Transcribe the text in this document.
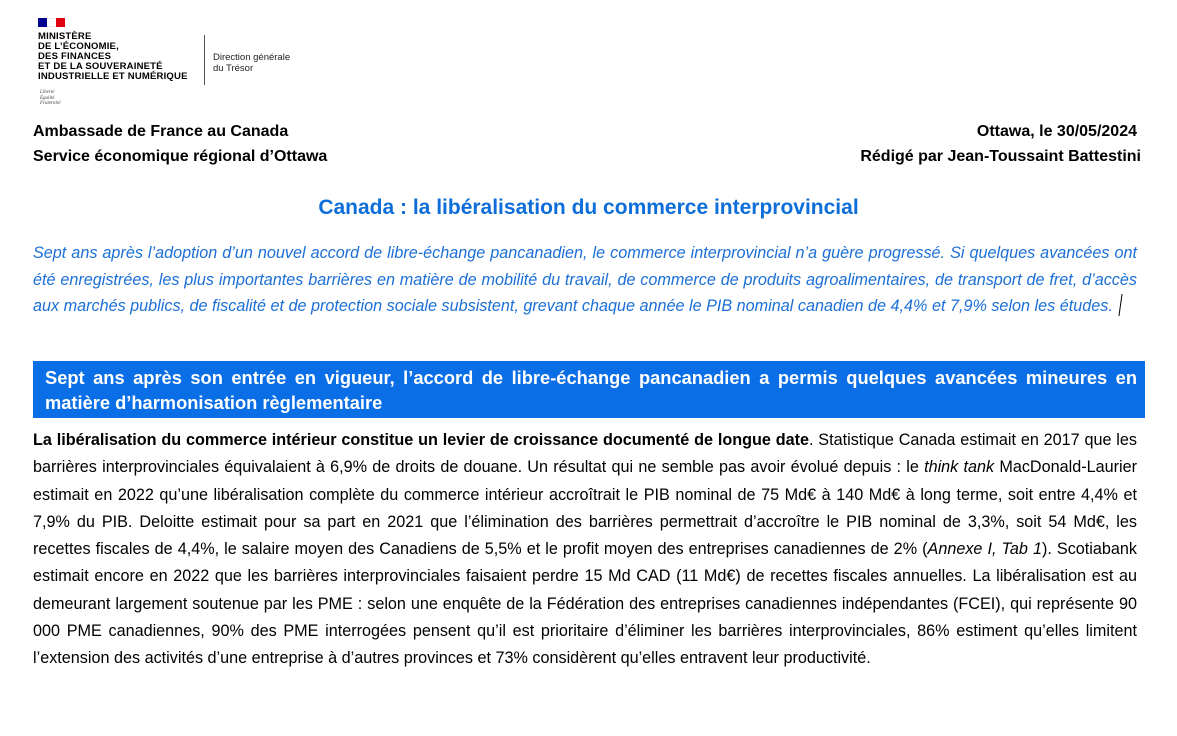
MINISTÈRE
DE L’ÉCONOMIE,
DES FINANCES
ET DE LA SOUVERAINETÉ
INDUSTRIELLE ET NUMÉRIQUE
Liberté
Égalité
Fraternité
Direction générale
du Trésor
Ambassade de France au Canada
Service économique régional d’Ottawa
Ottawa, le 30/05/2024
Rédigé par Jean-Toussaint Battestini
Canada : la libéralisation du commerce interprovincial
Sept ans après l’adoption d’un nouvel accord de libre-échange pancanadien, le commerce interprovincial n’a guère progressé. Si quelques avancées ont été enregistrées, les plus importantes barrières en matière de mobilité du travail, de commerce de produits agroalimentaires, de transport de fret, d’accès aux marchés publics, de fiscalité et de protection sociale subsistent, grevant chaque année le PIB nominal canadien de 4,4% et 7,9% selon les études.
Sept ans après son entrée en vigueur, l’accord de libre-échange pancanadien a permis quelques avancées mineures en matière d’harmonisation règlementaire
La libéralisation du commerce intérieur constitue un levier de croissance documenté de longue date. Statistique Canada estimait en 2017 que les barrières interprovinciales équivalaient à 6,9% de droits de douane. Un résultat qui ne semble pas avoir évolué depuis : le think tank MacDonald-Laurier estimait en 2022 qu’une libéralisation complète du commerce intérieur accroîtrait le PIB nominal de 75 Md€ à 140 Md€ à long terme, soit entre 4,4% et 7,9% du PIB. Deloitte estimait pour sa part en 2021 que l’élimination des barrières permettrait d’accroître le PIB nominal de 3,3%, soit 54 Md€, les recettes fiscales de 4,4%, le salaire moyen des Canadiens de 5,5% et le profit moyen des entreprises canadiennes de 2% (Annexe I, Tab 1). Scotiabank estimait encore en 2022 que les barrières interprovinciales faisaient perdre 15 Md CAD (11 Md€) de recettes fiscales annuelles. La libéralisation est au demeurant largement soutenue par les PME : selon une enquête de la Fédération des entreprises canadiennes indépendantes (FCEI), qui représente 90 000 PME canadiennes, 90% des PME interrogées pensent qu’il est prioritaire d’éliminer les barrières interprovinciales, 86% estiment qu’elles limitent l’extension des activités d’une entreprise à d’autres provinces et 73% considèrent qu’elles entravent leur productivité.
